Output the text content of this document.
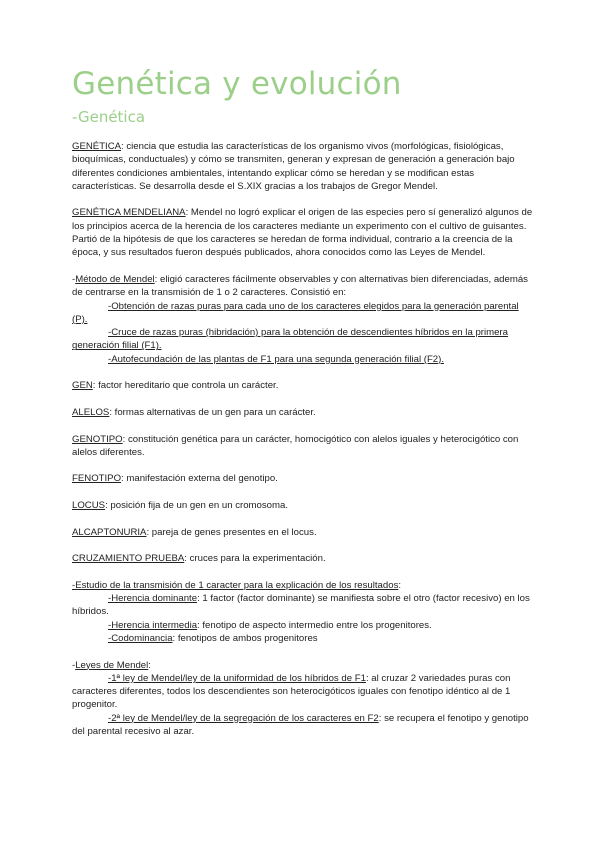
Genética y evolución
-Genética

GENÉTICA: ciencia que estudia las características de los organismo vivos (morfológicas, fisiológicas, bioquímicas, conductuales) y cómo se transmiten, generan y expresan de generación a generación bajo diferentes condiciones ambientales, intentando explicar cómo se heredan y se modifican estas características. Se desarrolla desde el S.XIX gracias a los trabajos de Gregor Mendel.

GENÉTICA MENDELIANA: Mendel no logró explicar el origen de las especies pero sí generalizó algunos de los principios acerca de la herencia de los caracteres mediante un experimento con el cultivo de guisantes. Partió de la hipótesis de que los caracteres se heredan de forma individual, contrario a la creencia de la época, y sus resultados fueron después publicados, ahora conocidos como las Leyes de Mendel.

-Método de Mendel: eligió caracteres fácilmente observables y con alternativas bien diferenciadas, además de centrarse en la transmisión de 1 o 2 caracteres. Consistió en:
-Obtención de razas puras para cada uno de los caracteres elegidos para la generación parental (P).
-Cruce de razas puras (hibridación) para la obtención de descendientes híbridos en la primera generación filial (F1).
-Autofecundación de las plantas de F1 para una segunda generación filial (F2).

GEN: factor hereditario que controla un carácter.

ALELOS: formas alternativas de un gen para un carácter.

GENOTIPO: constitución genética para un carácter, homocigótico con alelos iguales y heterocigótico con alelos diferentes.

FENOTIPO: manifestación externa del genotipo.

LOCUS: posición fija de un gen en un cromosoma.

ALCAPTONURIA: pareja de genes presentes en el locus.

CRUZAMIENTO PRUEBA: cruces para la experimentación.

-Estudio de la transmisión de 1 caracter para la explicación de los resultados:
-Herencia dominante: 1 factor (factor dominante) se manifiesta sobre el otro (factor recesivo) en los híbridos.
-Herencia intermedia: fenotipo de aspecto intermedio entre los progenitores.
-Codominancia: fenotipos de ambos progenitores

-Leyes de Mendel:
-1ª ley de Mendel/ley de la uniformidad de los híbridos de F1: al cruzar 2 variedades puras con caracteres diferentes, todos los descendientes son heterocigóticos iguales con fenotipo idéntico al de 1 progenitor.
-2ª ley de Mendel/ley de la segregación de los caracteres en F2: se recupera el fenotipo y genotipo del parental recesivo al azar.
